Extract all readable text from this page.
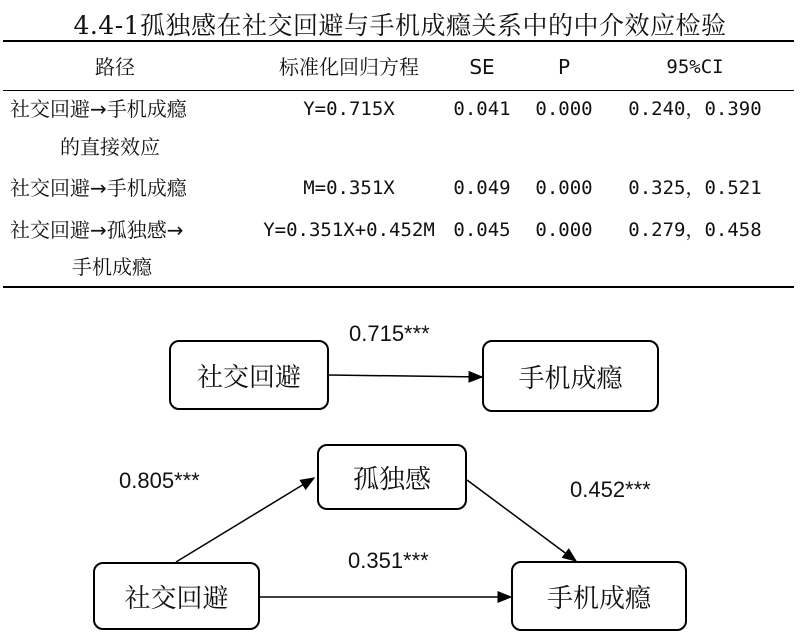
4.4-1孤独感在社交回避与手机成瘾关系中的中介效应检验
路径	标准化回归方程	SE	P	95%CI
社交回避→手机成瘾
的直接效应
Y=0.715X	0.041	0.000	0.240，0.390
社交回避→手机成瘾	M=0.351X	0.049	0.000	0.325，0.521
社交回避→孤独感→
手机成瘾
Y=0.351X+0.452M 0.045	0.000	0.279，0.458
0.715***
社交回避	手机成瘾
孤独感
0.805***	0.452***
0.351***
社交回避	手机成瘾
